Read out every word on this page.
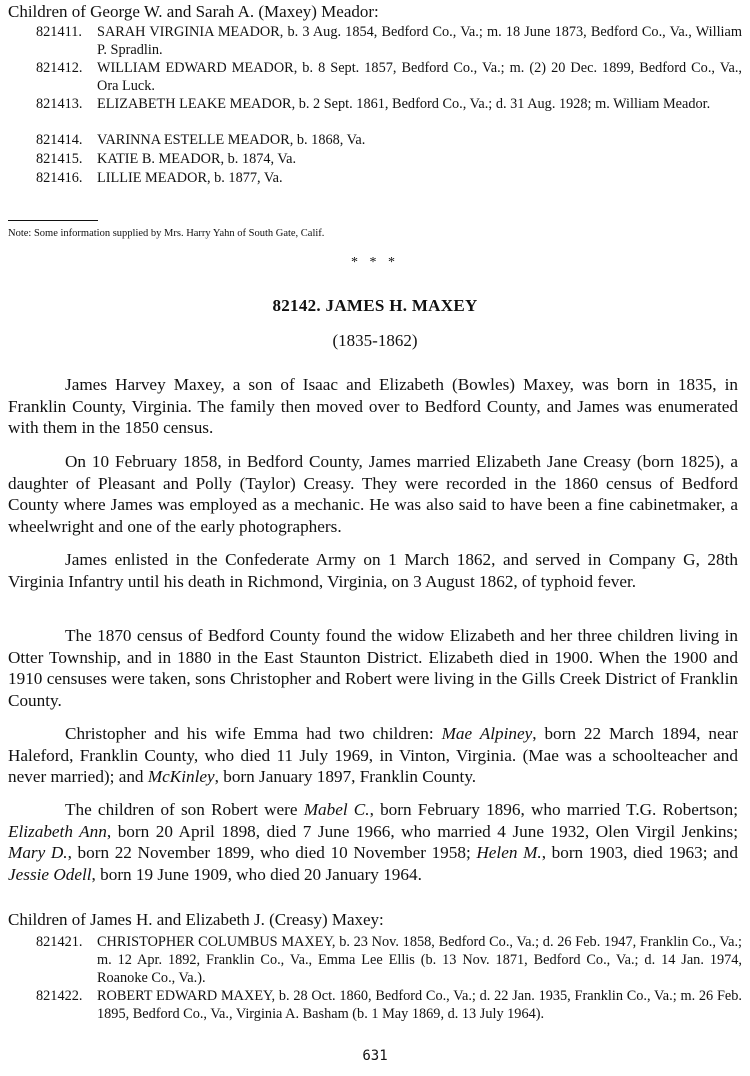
Children of George W. and Sarah A. (Maxey) Meador:
821411.	SARAH VIRGINIA MEADOR, b. 3 Aug. 1854, Bedford Co., Va.; m. 18 June 1873, Bedford Co., Va., William P. Spradlin.
821412.	WILLIAM EDWARD MEADOR, b. 8 Sept. 1857, Bedford Co., Va.; m. (2) 20 Dec. 1899, Bedford Co., Va., Ora Luck.
821413.	ELIZABETH LEAKE MEADOR, b. 2 Sept. 1861, Bedford Co., Va.; d. 31 Aug. 1928; m. William Meador.
821414.	VARINNA ESTELLE MEADOR, b. 1868, Va.
821415.	KATIE B. MEADOR, b. 1874, Va.
821416.	LILLIE MEADOR, b. 1877, Va.
Note: Some information supplied by Mrs. Harry Yahn of South Gate, Calif.
* * *
82142. JAMES H. MAXEY
(1835-1862)

James Harvey Maxey, a son of Isaac and Elizabeth (Bowles) Maxey, was born in 1835, in Franklin County, Virginia. The family then moved over to Bedford County, and James was enumerated with them in the 1850 census.

On 10 February 1858, in Bedford County, James married Elizabeth Jane Creasy (born 1825), a daughter of Pleasant and Polly (Taylor) Creasy. They were recorded in the 1860 census of Bedford County where James was employed as a mechanic. He was also said to have been a fine cabinetmaker, a wheelwright and one of the early photographers.

James enlisted in the Confederate Army on 1 March 1862, and served in Company G, 28th Virginia Infantry until his death in Richmond, Virginia, on 3 August 1862, of typhoid fever.

The 1870 census of Bedford County found the widow Elizabeth and her three children living in Otter Township, and in 1880 in the East Staunton District. Elizabeth died in 1900. When the 1900 and 1910 censuses were taken, sons Christopher and Robert were living in the Gills Creek District of Franklin County.

Christopher and his wife Emma had two children: Mae Alpiney, born 22 March 1894, near Haleford, Franklin County, who died 11 July 1969, in Vinton, Virginia. (Mae was a schoolteacher and never married); and McKinley, born January 1897, Franklin County.

The children of son Robert were Mabel C., born February 1896, who married T.G. Robertson; Elizabeth Ann, born 20 April 1898, died 7 June 1966, who married 4 June 1932, Olen Virgil Jenkins; Mary D., born 22 November 1899, who died 10 November 1958; Helen M., born 1903, died 1963; and Jessie Odell, born 19 June 1909, who died 20 January 1964.

Children of James H. and Elizabeth J. (Creasy) Maxey:
821421.	CHRISTOPHER COLUMBUS MAXEY, b. 23 Nov. 1858, Bedford Co., Va.; d. 26 Feb. 1947, Franklin Co., Va.; m. 12 Apr. 1892, Franklin Co., Va., Emma Lee Ellis (b. 13 Nov. 1871, Bedford Co., Va.; d. 14 Jan. 1974, Roanoke Co., Va.).
821422.	ROBERT EDWARD MAXEY, b. 28 Oct. 1860, Bedford Co., Va.; d. 22 Jan. 1935, Franklin Co., Va.; m. 26 Feb. 1895, Bedford Co., Va., Virginia A. Basham (b. 1 May 1869, d. 13 July 1964).
631
